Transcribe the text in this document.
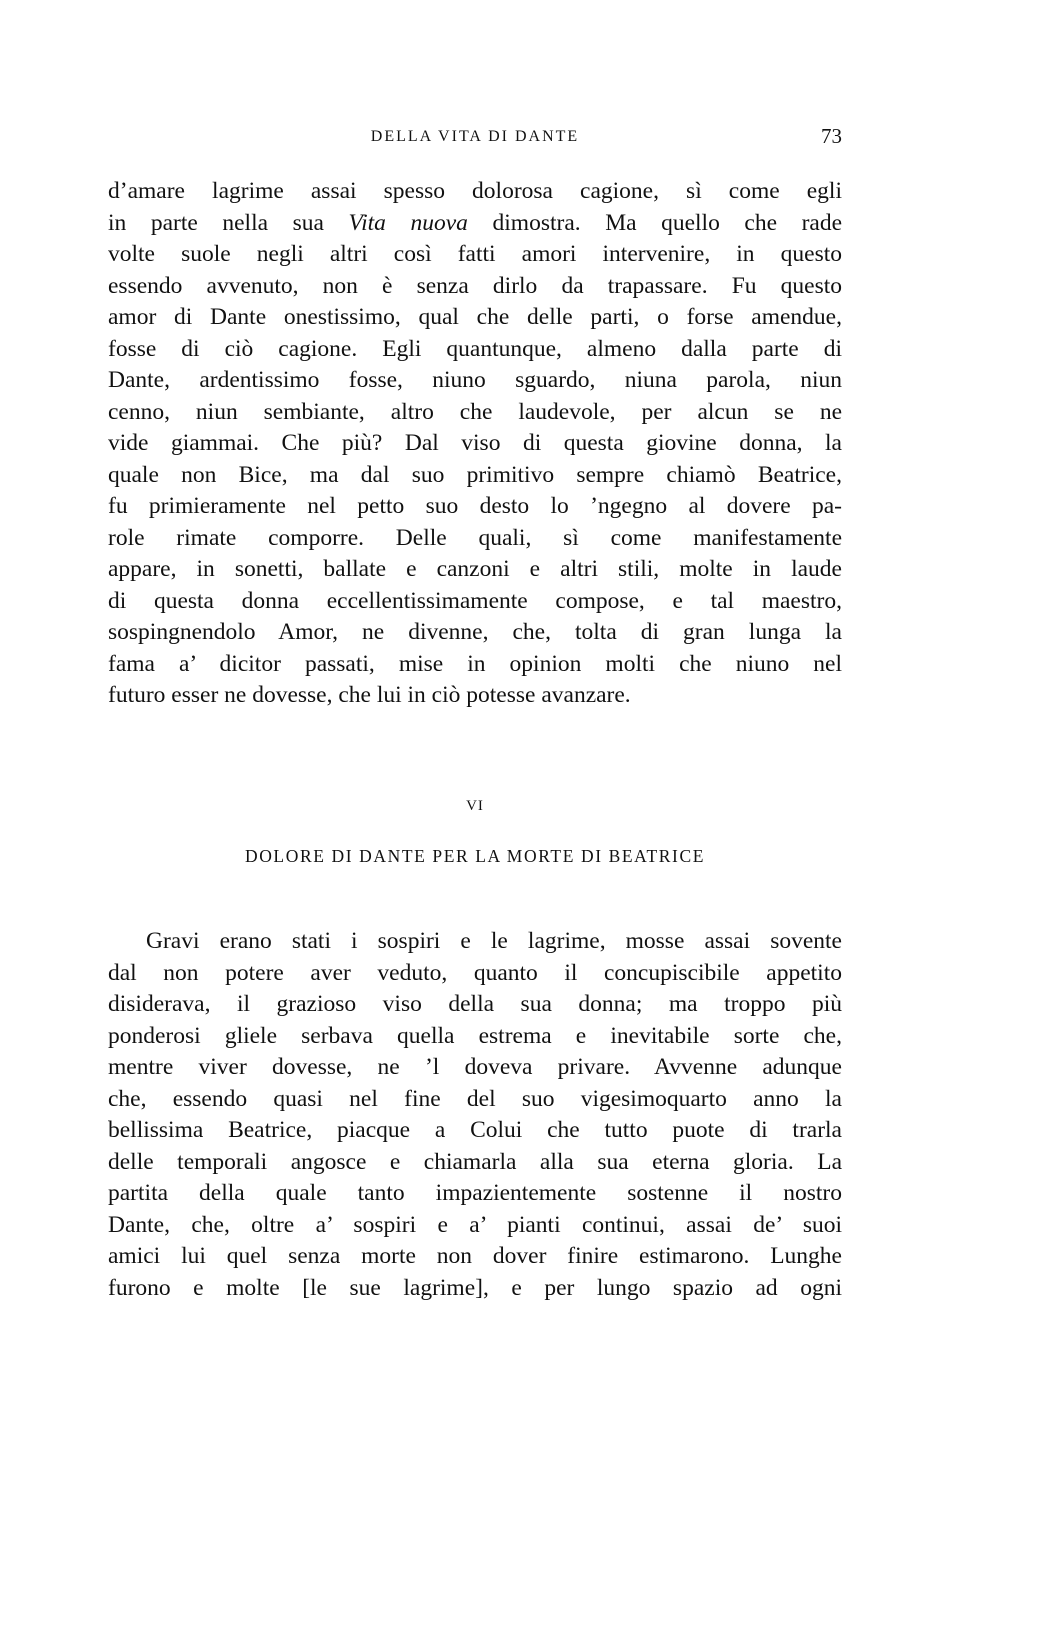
DELLA VITA DI DANTE	73
d’amare lagrime assai spesso dolorosa cagione, sì come egli
in parte nella sua Vita nuova dimostra. Ma quello che rade
volte suole negli altri così fatti amori intervenire, in questo
essendo avvenuto, non è senza dirlo da trapassare. Fu questo
amor di Dante onestissimo, qual che delle parti, o forse amendue,
fosse di ciò cagione. Egli quantunque, almeno dalla parte di
Dante, ardentissimo fosse, niuno sguardo, niuna parola, niun
cenno, niun sembiante, altro che laudevole, per alcun se ne
vide giammai. Che più? Dal viso di questa giovine donna, la
quale non Bice, ma dal suo primitivo sempre chiamò Beatrice,
fu primieramente nel petto suo desto lo ’ngegno al dovere pa-
role rimate comporre. Delle quali, sì come manifestamente
appare, in sonetti, ballate e canzoni e altri stili, molte in laude
di questa donna eccellentissimamente compose, e tal maestro,
sospingnendolo Amor, ne divenne, che, tolta di gran lunga la
fama a’ dicitor passati, mise in opinion molti che niuno nel
futuro esser ne dovesse, che lui in ciò potesse avanzare.
VI
DOLORE DI DANTE PER LA MORTE DI BEATRICE
Gravi erano stati i sospiri e le lagrime, mosse assai sovente
dal non potere aver veduto, quanto il concupiscibile appetito
disiderava, il grazioso viso della sua donna; ma troppo più
ponderosi gliele serbava quella estrema e inevitabile sorte che,
mentre viver dovesse, ne ’l doveva privare. Avvenne adunque
che, essendo quasi nel fine del suo vigesimoquarto anno la
bellissima Beatrice, piacque a Colui che tutto puote di trarla
delle temporali angosce e chiamarla alla sua eterna gloria. La
partita della quale tanto impazientemente sostenne il nostro
Dante, che, oltre a’ sospiri e a’ pianti continui, assai de’ suoi
amici lui quel senza morte non dover finire estimarono. Lunghe
furono e molte [le sue lagrime], e per lungo spazio ad ogni
